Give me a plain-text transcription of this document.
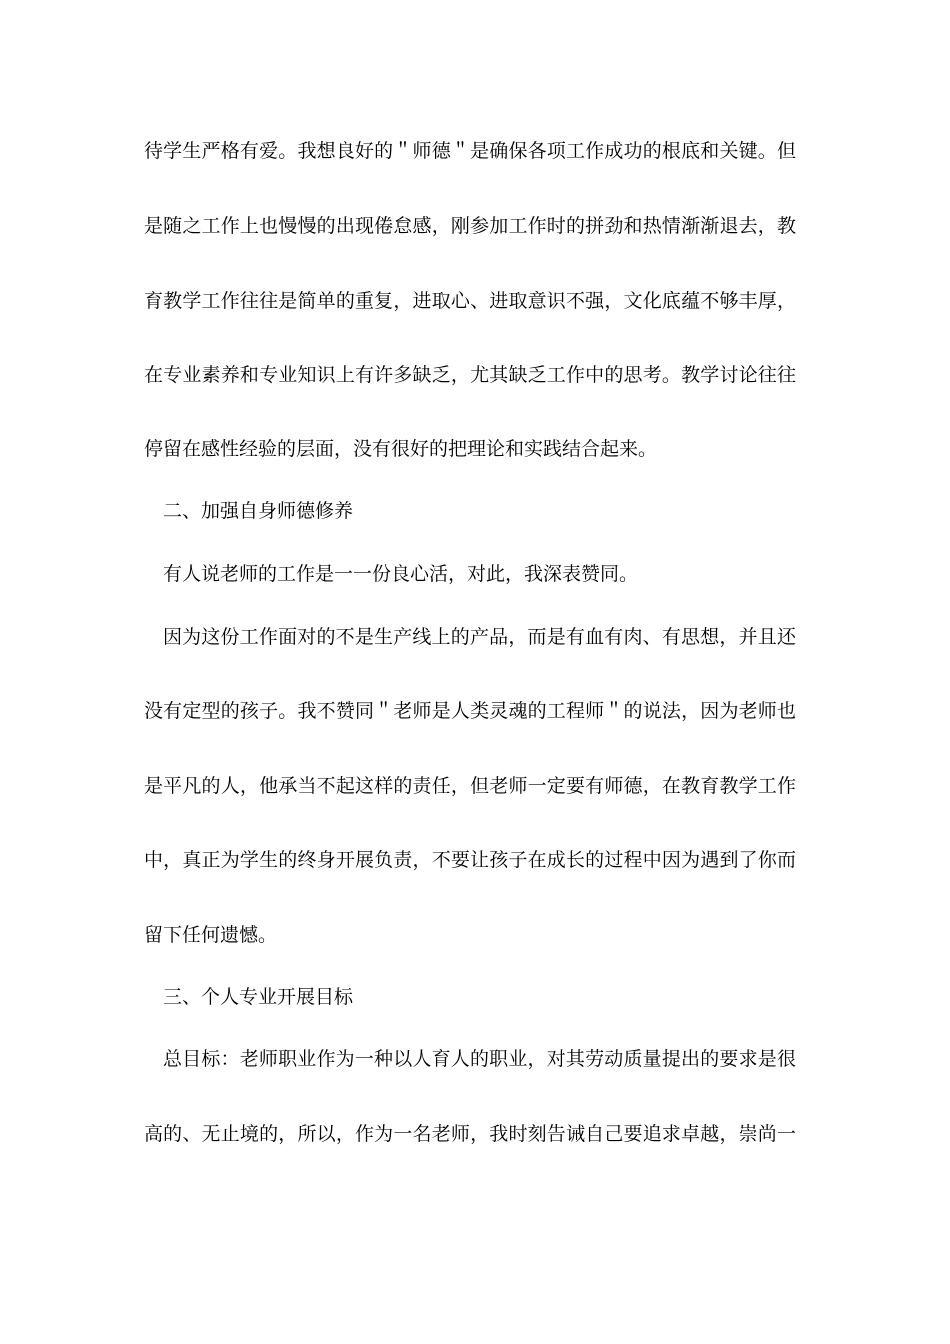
待学生严格有爱。我想良好的＂师德＂是确保各项工作成功的根底和关键。但
是随之工作上也慢慢的出现倦怠感，刚参加工作时的拼劲和热情渐渐退去，教
育教学工作往往是简单的重复，进取心、进取意识不强，文化底蕴不够丰厚，
在专业素养和专业知识上有许多缺乏，尤其缺乏工作中的思考。教学讨论往往
停留在感性经验的层面，没有很好的把理论和实践结合起来。
二、加强自身师德修养
有人说老师的工作是一一份良心活，对此，我深表赞同。
因为这份工作面对的不是生产线上的产品，而是有血有肉、有思想，并且还
没有定型的孩子。我不赞同＂老师是人类灵魂的工程师＂的说法，因为老师也
是平凡的人，他承当不起这样的责任，但老师一定要有师德，在教育教学工作
中，真正为学生的终身开展负责，不要让孩子在成长的过程中因为遇到了你而
留下任何遗憾。
三、个人专业开展目标
总目标：老师职业作为一种以人育人的职业，对其劳动质量提出的要求是很
高的、无止境的，所以，作为一名老师，我时刻告诫自己要追求卓越，崇尚一
